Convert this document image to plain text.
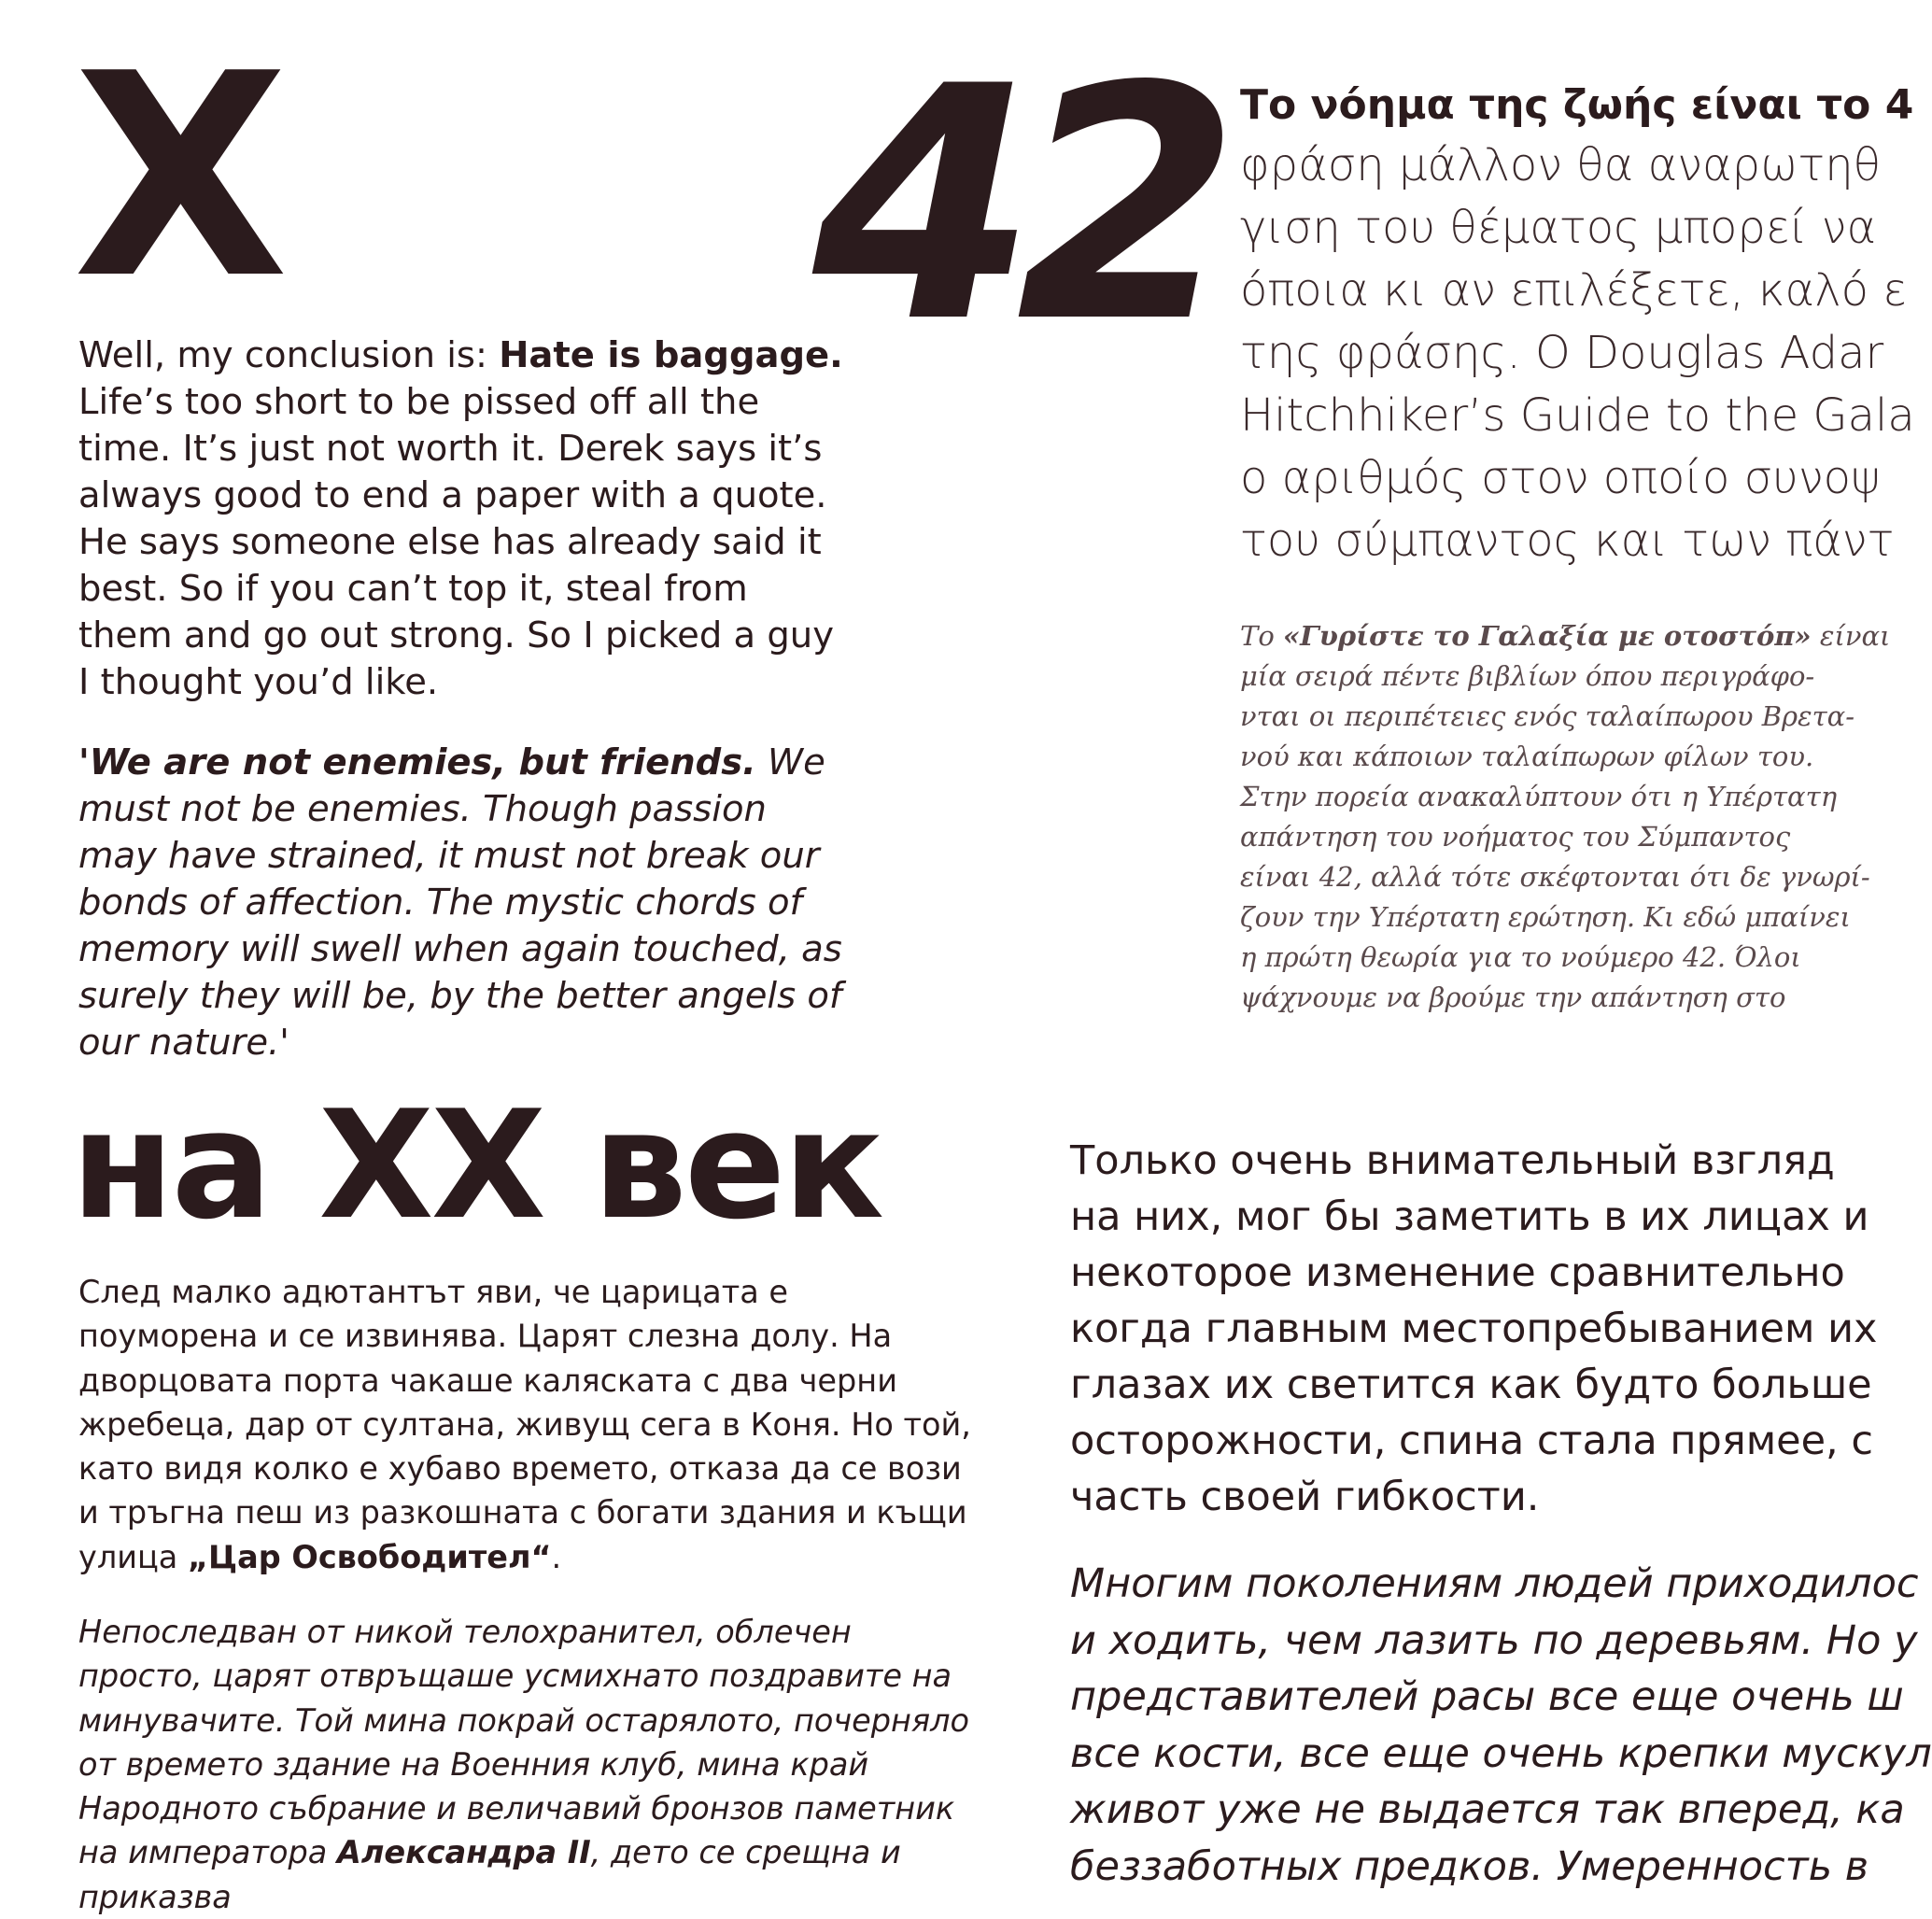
X 42
на XX век
Well, my conclusion is: Hate is baggage. Life’s too short to be pissed off all the time. It’s just not worth it. Derek says it’s always good to end a paper with a quote. He says someone else has already said it best. So if you can’t top it, steal from them and go out strong. So I picked a guy I thought you’d like.
'We are not enemies, but friends. We must not be enemies. Though passion may have strained, it must not break our bonds of affection. The mystic chords of memory will swell when again touched, as surely they will be, by the better angels of our nature.'
Το νόημα της ζωής είναι το 4
φράση μάλλον θα αναρωτηθ
γιση του θέματος μπορεί να
όποια κι αν επιλέξετε, καλό ε
της φράσης. Ο Douglas Adar
Hitchhiker’s Guide to the Gala
ο αριθμός στον οποίο συνοψ
του σύμπαντος και των πάντ
Το «Γυρίστε το Γαλαξία με οτοστόπ» είναι
μία σειρά πέντε βιβλίων όπου περιγράφο-
νται οι περιπέτειες ενός ταλαίπωρου Βρετα-
νού και κάποιων ταλαίπωρων φίλων του.
Στην πορεία ανακαλύπτουν ότι η Υπέρτατη
απάντηση του νοήματος του Σύμπαντος
είναι 42, αλλά τότε σκέφτονται ότι δε γνωρί-
ζουν την Υπέρτατη ερώτηση. Κι εδώ μπαίνει
η πρώτη θεωρία για το νούμερο 42. Όλοι
ψάχνουμε να βρούμε την απάντηση στο
След малко адютантът яви, че царицата е поуморена и се извинява. Царят слезна долу. На дворцовата порта чакаше каляската с два черни жребеца, дар от султана, живущ сега в Коня. Но той, като видя колко е хубаво времето, отказа да се вози и тръгна пеш из разкошната с богати здания и къщи улица „Цар Освободител“.
Непоследван от никой телохранител, облечен просто, царят отвръщаше усмихнато поздравите на минувачите. Той мина покрай остарялото, почерняло от времето здание на Военния клуб, мина край Народното събрание и величавий бронзов паметник на императора Александра II, дето се срещна и приказва
Только очень внимательный взгляд
на них, мог бы заметить в их лицах и
некоторое изменение сравнительно
когда главным местопребыванием их
глазах их светится как будто больше
осторожности, спина стала прямее, с
часть своей гибкости.
Многим поколениям людей приходилос
и ходить, чем лазить по деревьям. Но у
представителей расы все еще очень ш
все кости, все еще очень крепки мускул
живот уже не выдается так вперед, ка
беззаботных предков. Умеренность в
